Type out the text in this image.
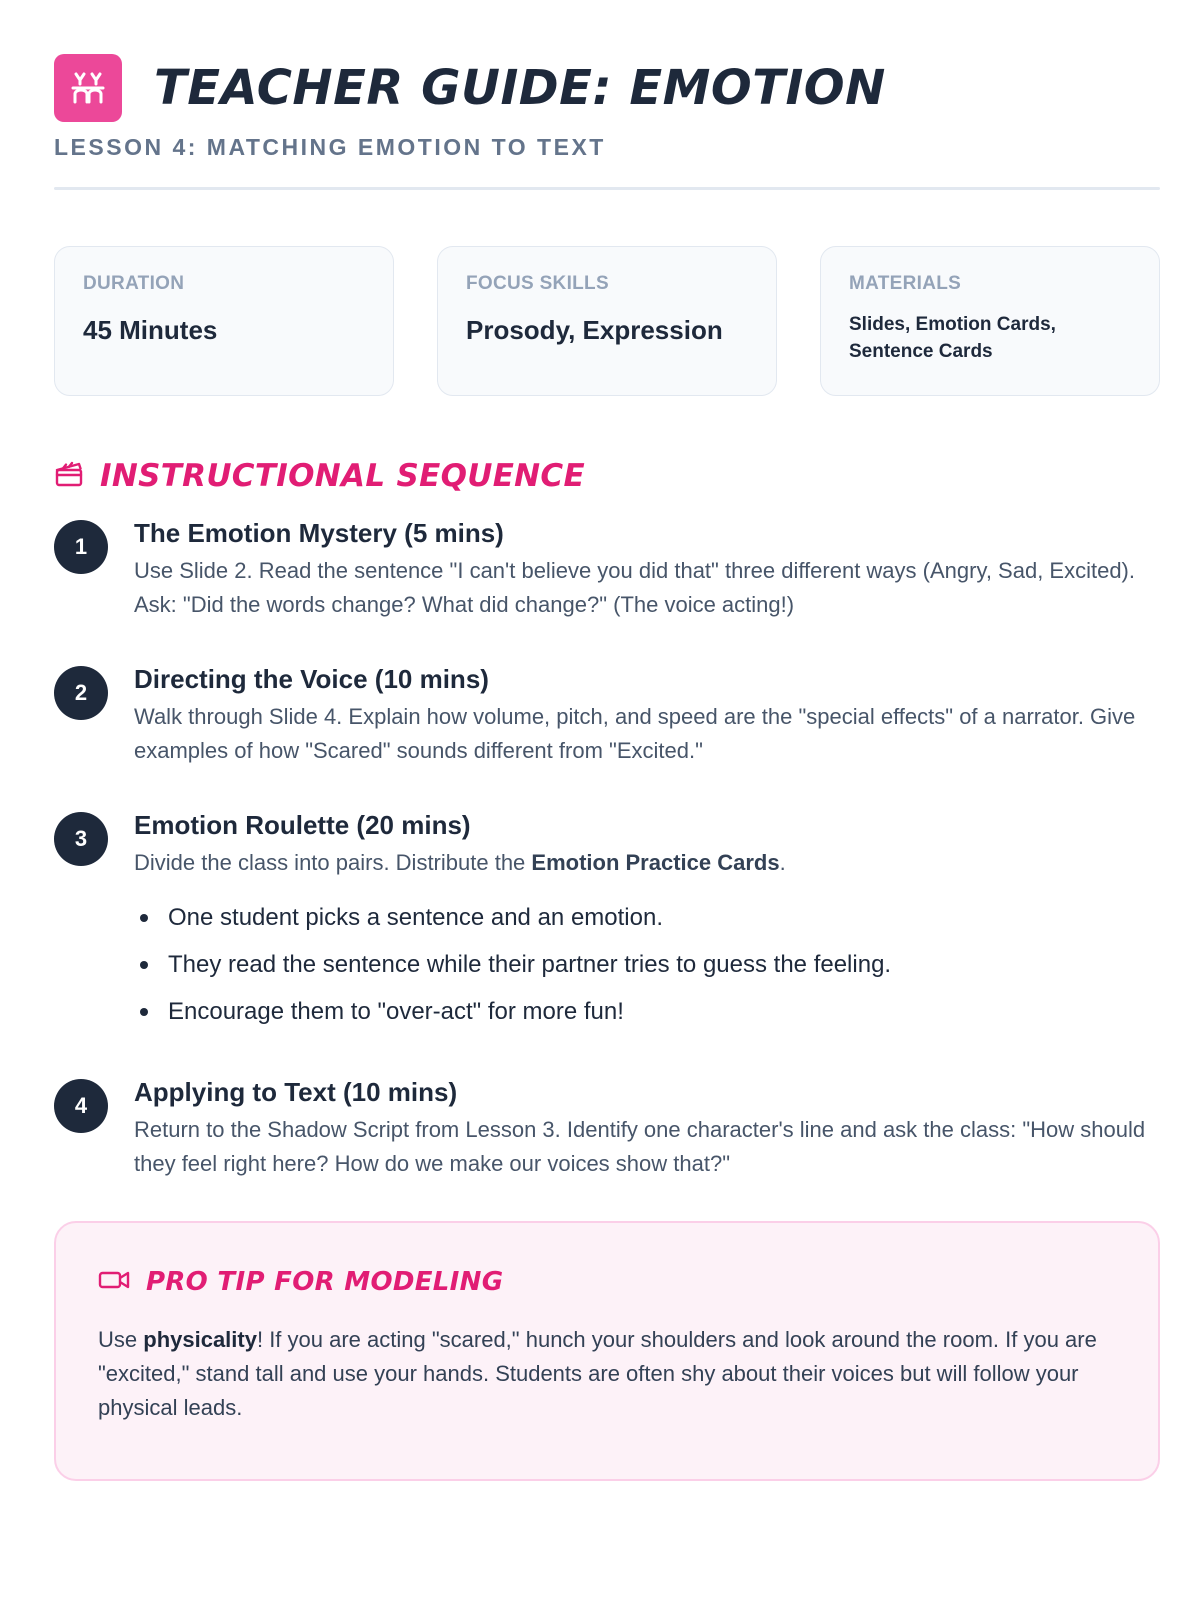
TEACHER GUIDE: EMOTION
LESSON 4: MATCHING EMOTION TO TEXT
DURATION
45 Minutes
FOCUS SKILLS
Prosody, Expression
MATERIALS
Slides, Emotion Cards, Sentence Cards
INSTRUCTIONAL SEQUENCE
1	The Emotion Mystery (5 mins)
Use Slide 2. Read the sentence "I can't believe you did that" three different ways (Angry, Sad, Excited). Ask: "Did the words change? What did change?" (The voice acting!)
2	Directing the Voice (10 mins)
Walk through Slide 4. Explain how volume, pitch, and speed are the "special effects" of a narrator. Give examples of how "Scared" sounds different from "Excited."
3	Emotion Roulette (20 mins)
Divide the class into pairs. Distribute the Emotion Practice Cards.
One student picks a sentence and an emotion.
They read the sentence while their partner tries to guess the feeling.
Encourage them to "over-act" for more fun!
4	Applying to Text (10 mins)
Return to the Shadow Script from Lesson 3. Identify one character's line and ask the class: "How should they feel right here? How do we make our voices show that?"
PRO TIP FOR MODELING

Use physicality! If you are acting "scared," hunch your shoulders and look around the room. If you are "excited," stand tall and use your hands. Students are often shy about their voices but will follow your physical leads.
